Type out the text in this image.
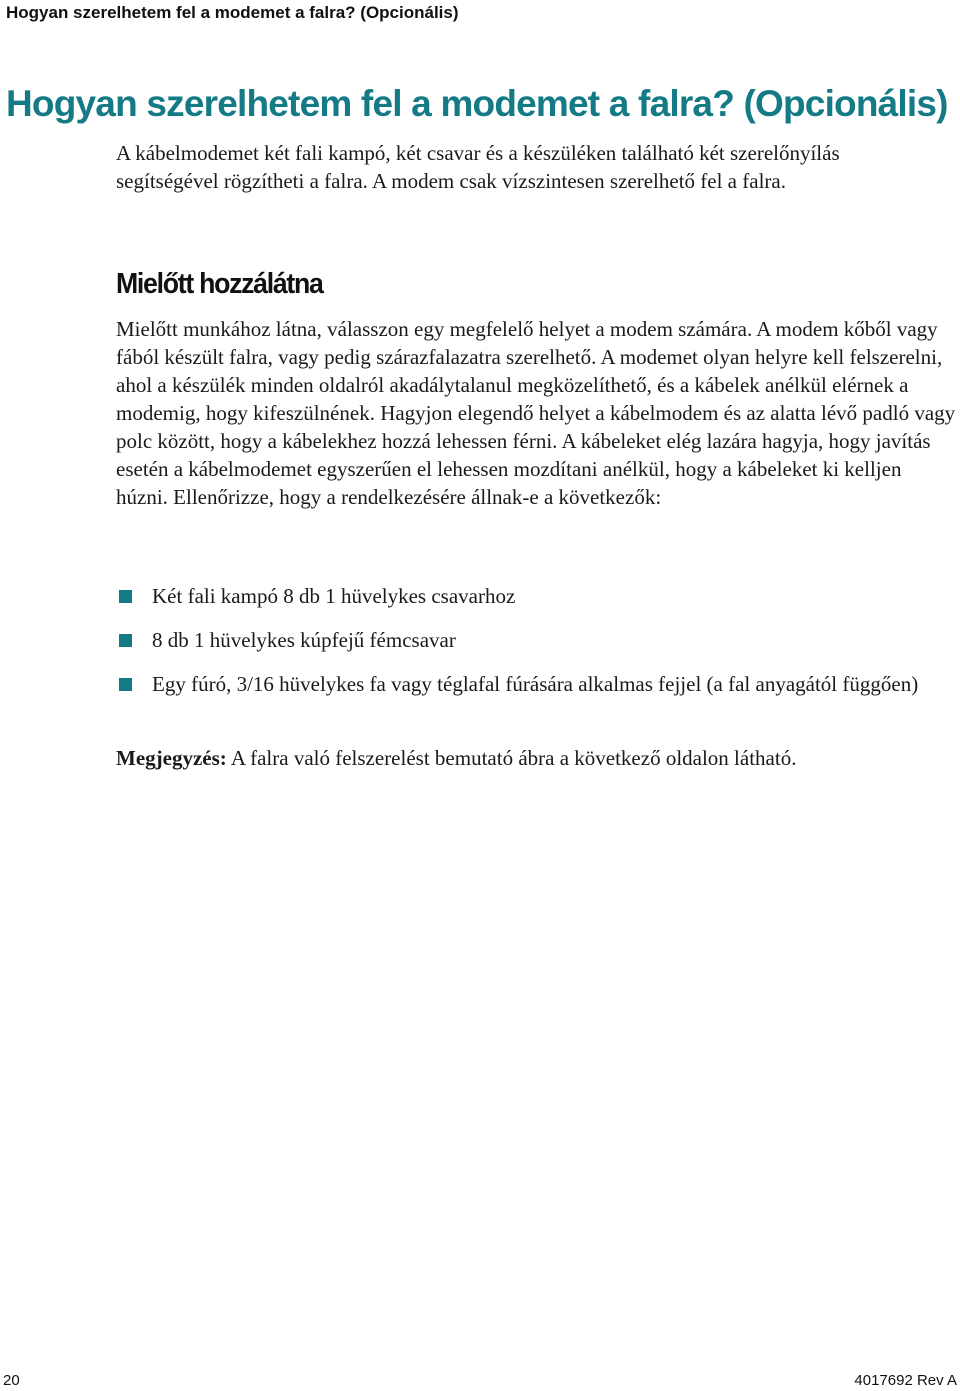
Hogyan szerelhetem fel a modemet a falra? (Opcionális)
Hogyan szerelhetem fel a modemet a falra? (Opcionális)

A kábelmodemet két fali kampó, két csavar és a készüléken található két szerelőnyílás segítségével rögzítheti a falra. A modem csak vízszintesen szerelhető fel a falra.

Mielőtt hozzálátna

Mielőtt munkához látna, válasszon egy megfelelő helyet a modem számára. A modem kőből vagy fából készült falra, vagy pedig szárazfalazatra szerelhető. A modemet olyan helyre kell felszerelni, ahol a készülék minden oldalról akadálytalanul megközelíthető, és a kábelek anélkül elérnek a modemig, hogy kifeszülnének. Hagyjon elegendő helyet a kábelmodem és az alatta lévő padló vagy polc között, hogy a kábelekhez hozzá lehessen férni. A kábeleket elég lazára hagyja, hogy javítás esetén a kábelmodemet egyszerűen el lehessen mozdítani anélkül, hogy a kábeleket ki kelljen húzni. Ellenőrizze, hogy a rendelkezésére állnak-e a következők:

Két fali kampó 8 db 1 hüvelykes csavarhoz
8 db 1 hüvelykes kúpfejű fémcsavar
Egy fúró, 3/16 hüvelykes fa vagy téglafal fúrására alkalmas fejjel (a fal anyagától függően)

Megjegyzés: A falra való felszerelést bemutató ábra a következő oldalon látható.

20	4017692 Rev A
